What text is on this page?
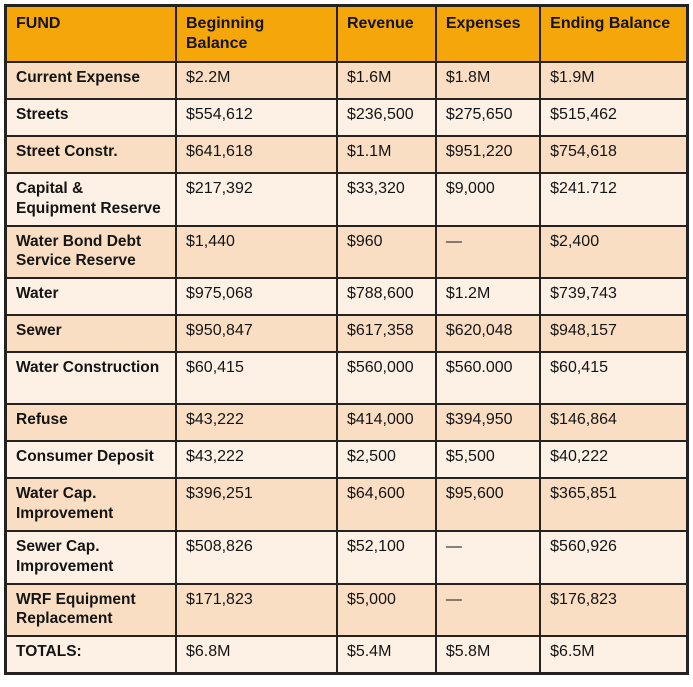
FUND	Beginning Balance	Revenue	Expenses	Ending Balance
Current Expense	$2.2M	$1.6M	$1.8M	$1.9M
Streets	$554,612	$236,500	$275,650	$515,462
Street Constr.	$641,618	$1.1M	$951,220	$754,618
Capital & Equipment Reserve	$217,392	$33,320	$9,000	$241.712
Water Bond Debt Service Reserve	$1,440	$960	—	$2,400
Water	$975,068	$788,600	$1.2M	$739,743
Sewer	$950,847	$617,358	$620,048	$948,157
Water Construction	$60,415	$560,000	$560.000	$60,415
Refuse	$43,222	$414,000	$394,950	$146,864
Consumer Deposit	$43,222	$2,500	$5,500	$40,222
Water Cap. Improvement	$396,251	$64,600	$95,600	$365,851
Sewer Cap. Improvement	$508,826	$52,100	—	$560,926
WRF Equipment Replacement	$171,823	$5,000	—	$176,823
TOTALS:	$6.8M	$5.4M	$5.8M	$6.5M
